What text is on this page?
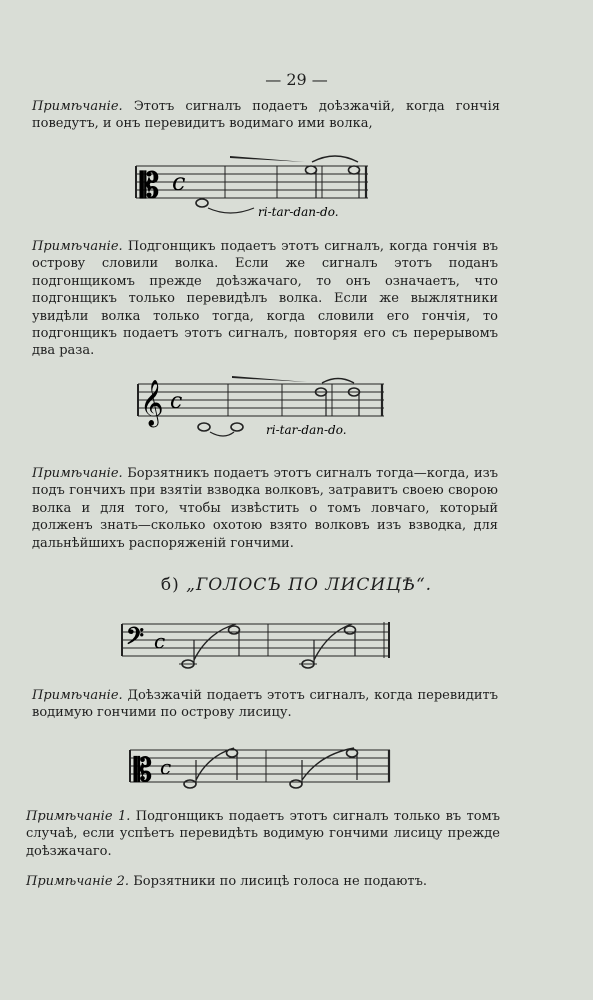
— 29 —

Примѣчаніе. Этотъ сигналъ подаетъ доѣзжачій, когда гончія поведутъ, и онъ перевидитъ водимаго ими волка,

𝄡 c
ri-tar-dan-do.

Примѣчаніе. Подгонщикъ подаетъ этотъ сигналъ, когда гончія въ островy словили волка. Если же сигналъ этотъ поданъ подгонщикомъ прежде доѣзжачаго, то онъ означаетъ, что подгонщикъ только перевидѣлъ волка. Если же выжлятники увидѣли волка только тогда, когда словили его гончія, то подгонщикъ подаетъ этотъ сигналъ, повторяя его съ перерывомъ два раза.

𝄞 c
ri-tar-dan-do.

Примѣчаніе. Борзятникъ подаетъ этотъ сигналъ тогда—когда, изъ подъ гончихъ при взятіи взводка волковъ, затравитъ своею сворою волка и для того, чтобы извѣстить о томъ ловчаго, который долженъ знать—сколько охотою взято волковъ изъ взводка, для дальнѣйшихъ распоряженій гончими.

б) „ГОЛОСЪ ПО ЛИСИЦѢ“.
𝄢 c

Примѣчаніе. Доѣзжачій подаетъ этотъ сигналъ, когда перевидитъ водимую гончими по острову лисицу.

𝄡 c

Примѣчаніе 1. Подгонщикъ подаетъ этотъ сигналъ только въ томъ случаѣ, если успѣетъ перевидѣть водимую гончими лисицу прежде доѣзжачаго.

Примѣчаніе 2. Борзятники по лисицѣ голоса не подаютъ.
